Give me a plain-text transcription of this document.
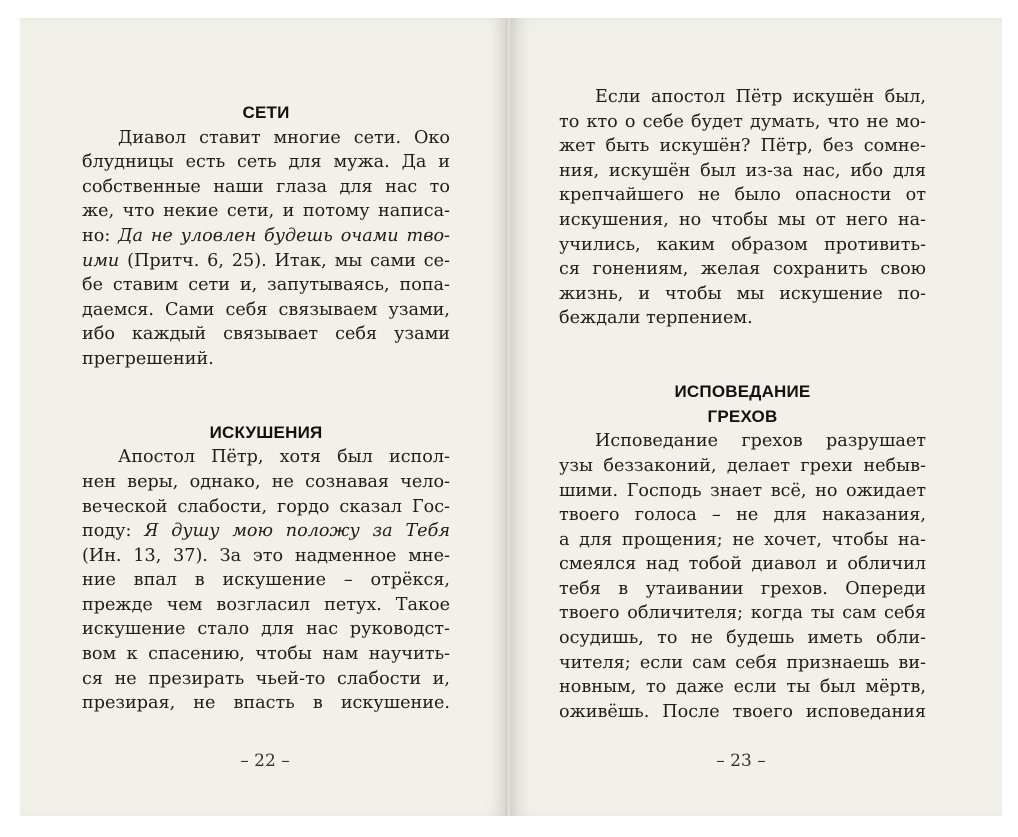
СЕТИ
Диавол ставит многие сети. Око
блудницы есть сеть для мужа. Да и
собственные наши глаза для нас то
же, что некие сети, и потому написа-
но: Да не уловлен будешь очами тво-
ими (Притч. 6, 25). Итак, мы сами се-
бе ставим сети и, запутываясь, попа-
даемся. Сами себя связываем узами,
ибо каждый связывает себя узами
прегрешений.
ИСКУШЕНИЯ
Апостол Пётр, хотя был испол-
нен веры, однако, не сознавая чело-
веческой слабости, гордо сказал Гос-
поду: Я душу мою положу за Тебя
(Ин. 13, 37). За это надменное мне-
ние впал в искушение – отрёкся,
прежде чем возгласил петух. Такое
искушение стало для нас руководст-
вом к спасению, чтобы нам научить-
ся не презирать чьей-то слабости и,
презирая, не впасть в искушение.
– 22 –
Если апостол Пётр искушён был,
то кто о себе будет думать, что не мо-
жет быть искушён? Пётр, без сомне-
ния, искушён был из-за нас, ибо для
крепчайшего не было опасности от
искушения, но чтобы мы от него на-
учились, каким образом противить-
ся гонениям, желая сохранить свою
жизнь, и чтобы мы искушение по-
беждали терпением.
ИСПОВЕДАНИЕ
ГРЕХОВ
Исповедание грехов разрушает
узы беззаконий, делает грехи небыв-
шими. Господь знает всё, но ожидает
твоего голоса – не для наказания,
а для прощения; не хочет, чтобы на-
смеялся над тобой диавол и обличил
тебя в утаивании грехов. Опереди
твоего обличителя; когда ты сам себя
осудишь, то не будешь иметь обли-
чителя; если сам себя признаешь ви-
новным, то даже если ты был мёртв,
оживёшь. После твоего исповедания
– 23 –
